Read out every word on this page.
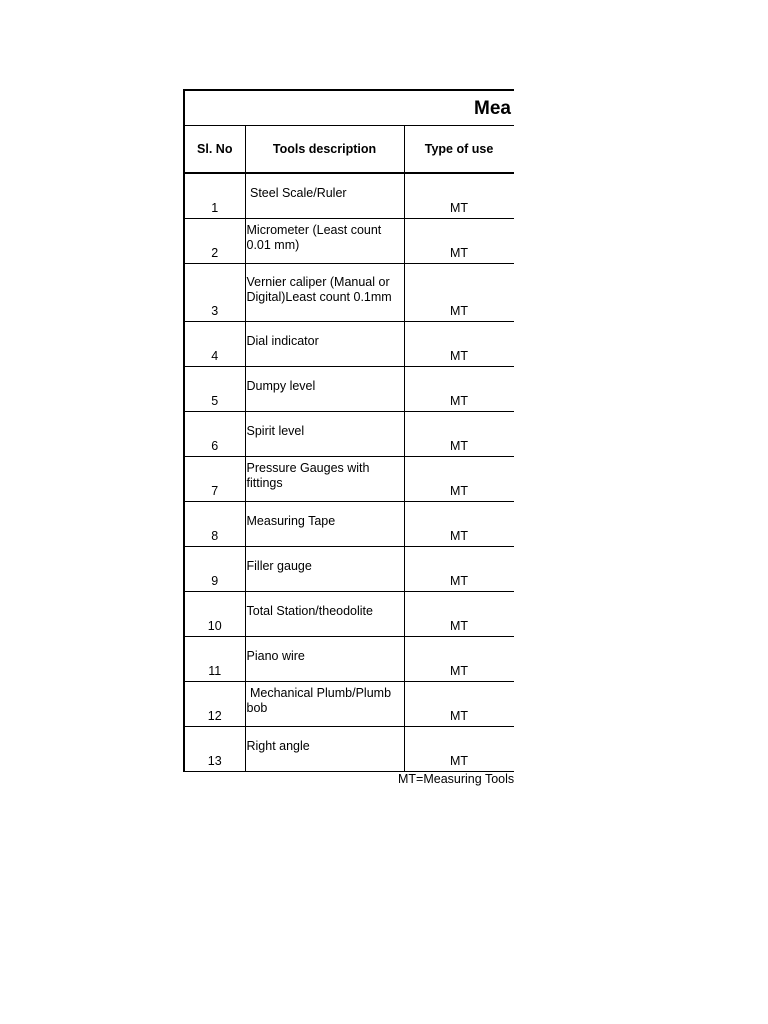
Mea			
Sl. No	Tools description	Type of use	
1	Steel Scale/Ruler	MT	
2	Micrometer (Least count 0.01 mm)	MT	
3	Vernier caliper (Manual or Digital)Least count 0.1mm	MT	
4	Dial indicator	MT	
5	Dumpy level	MT	
6	Spirit level	MT	
7	Pressure Gauges with fittings	MT	
8	Measuring Tape	MT	
9	Filler gauge	MT	
10	Total Station/theodolite	MT	
11	Piano wire	MT	
12	Mechanical Plumb/Plumb bob	MT	
13	Right angle	MT	
MT=Measuring Tools
